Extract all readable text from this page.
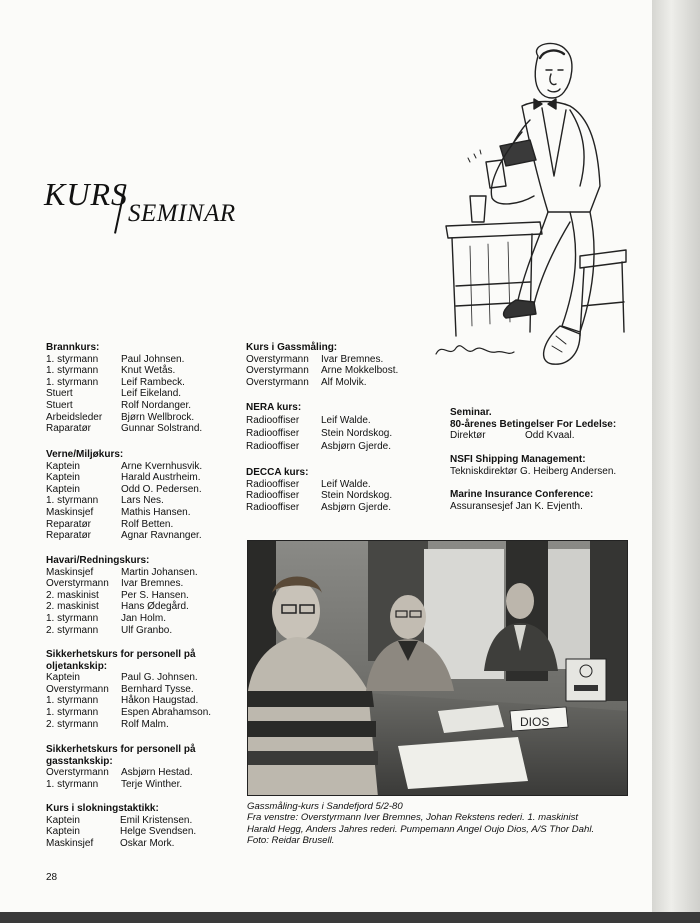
KURS
SEMINAR
Brannkurs:
1. styrmann	Paul Johnsen.
1. styrmann	Knut Wetås.
1. styrmann	Leif Rambeck.
Stuert	Leif Eikeland.
Stuert	Rolf Nordanger.
Arbeidsleder	Bjørn Wellbrock.
Raparatør	Gunnar Solstrand.
Verne/Miljøkurs:
Kaptein	Arne Kvernhusvik.
Kaptein	Harald Austrheim.
Kaptein	Odd O. Pedersen.
1. styrmann	Lars Nes.
Maskinsjef	Mathis Hansen.
Reparatør	Rolf Betten.
Reparatør	Agnar Ravnanger.
Havari/Redningskurs:
Maskinsjef	Martin Johansen.
Overstyrmann	Ivar Bremnes.
2. maskinist	Per S. Hansen.
2. maskinist	Hans Ødegård.
1. styrmann	Jan Holm.
2. styrmann	Ulf Granbo.
Sikkerhetskurs for personell på oljetankskip:
Kaptein	Paul G. Johnsen.
Overstyrmann	Bernhard Tysse.
1. styrmann	Håkon Haugstad.
1. styrmann	Espen Abrahamson.
2. styrmann	Rolf Malm.
Sikkerhetskurs for personell på gasstankskip:
Overstyrmann	Asbjørn Hestad.
1. styrmann	Terje Winther.
Kurs i slokningstaktikk:
Kaptein	Emil Kristensen.
Kaptein	Helge Svendsen.
Maskinsjef	Oskar Mork.
Kurs i Gassmåling:
Overstyrmann	Ivar Bremnes.
Overstyrmann	Arne Mokkelbost.
Overstyrmann	Alf Molvik.
NERA kurs:
Radiooffiser	Leif Walde.
Radiooffiser	Stein Nordskog.
Radiooffiser	Asbjørn Gjerde.
DECCA kurs:
Radiooffiser	Leif Walde.
Radiooffiser	Stein Nordskog.
Radiooffiser	Asbjørn Gjerde.
Seminar.
80-årenes Betingelser For Ledelse:
Direktør	Odd Kvaal.
NSFI Shipping Management:
Tekniskdirektør G. Heiberg Andersen.
Marine Insurance Conference:
Assuransesjef Jan K. Evjenth.
DIOS
Gassmåling-kurs i Sandefjord 5/2-80
Fra venstre: Overstyrmann Iver Bremnes, Johan Rekstens rederi. 1. maskinist
Harald Hegg, Anders Jahres rederi. Pumpemann Angel Oujo Dios, A/S Thor Dahl.
Foto: Reidar Brusell.
28
